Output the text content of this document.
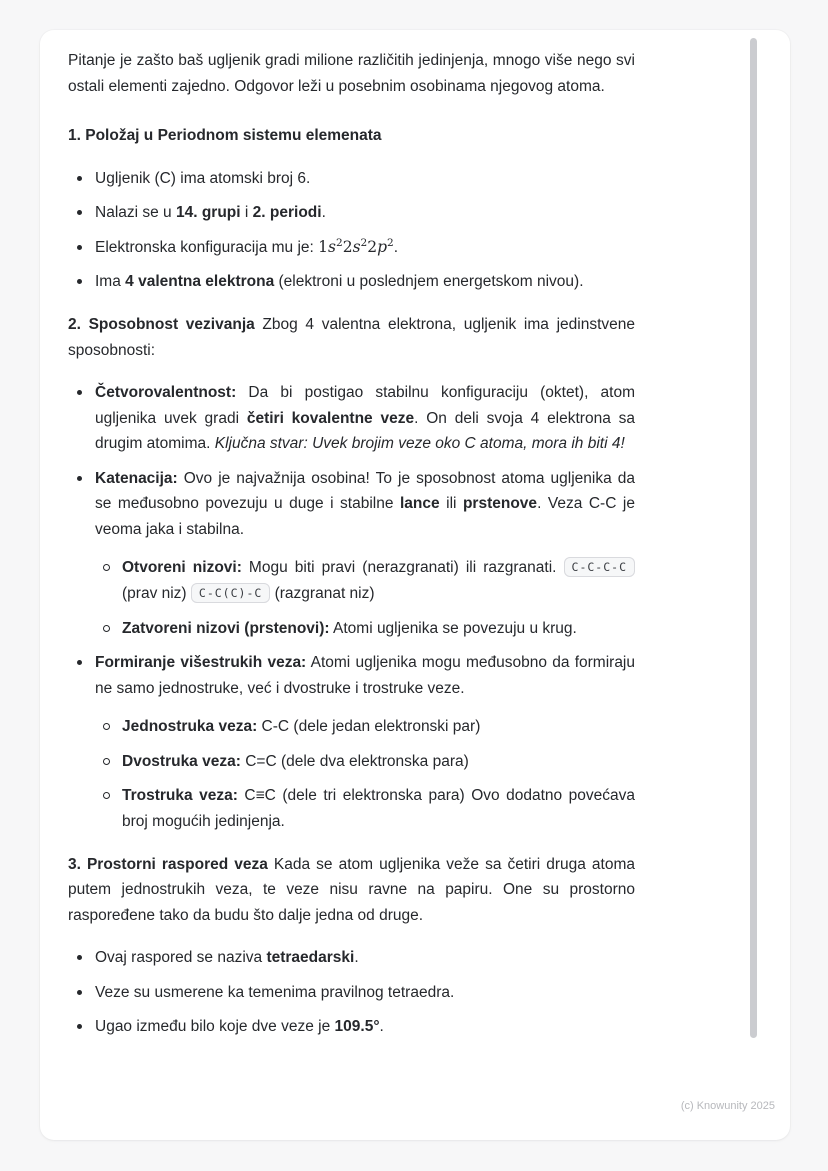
Pitanje je zašto baš ugljenik gradi milione različitih jedinjenja, mnogo više nego svi ostali elementi zajedno. Odgovor leži u posebnim osobinama njegovog atoma.

1. Položaj u Periodnom sistemu elemenata

Ugljenik (C) ima atomski broj 6.
Nalazi se u 14. grupi i 2. periodi.
Elektronska konfiguracija mu je: $1s^22s^22p^2$.
Ima 4 valentna elektrona (elektroni u poslednjem energetskom nivou).

2. Sposobnost vezivanja Zbog 4 valentna elektrona, ugljenik ima jedinstvene sposobnosti:

Četvorovalentnost: Da bi postigao stabilnu konfiguraciju (oktet), atom ugljenika uvek gradi četiri kovalentne veze. On deli svoja 4 elektrona sa drugim atomima. Ključna stvar: Uvek brojim veze oko C atoma, mora ih biti 4!
Katenacija: Ovo je najvažnija osobina! To je sposobnost atoma ugljenika da se međusobno povezuju u duge i stabilne lance ili prstenove. Veza C-C je veoma jaka i stabilna.
Otvoreni nizovi: Mogu biti pravi (nerazgranati) ili razgranati. C-C-C-C (prav niz) C-C(C)-C (razgranat niz)
Zatvoreni nizovi (prstenovi): Atomi ugljenika se povezuju u krug.
Formiranje višestrukih veza: Atomi ugljenika mogu međusobno da formiraju ne samo jednostruke, već i dvostruke i trostruke veze.
Jednostruka veza: C-C (dele jedan elektronski par)
Dvostruka veza: C=C (dele dva elektronska para)
Trostruka veza: C≡C (dele tri elektronska para) Ovo dodatno povećava broj mogućih jedinjenja.

3. Prostorni raspored veza Kada se atom ugljenika veže sa četiri druga atoma putem jednostrukih veza, te veze nisu ravne na papiru. One su prostorno raspoređene tako da budu što dalje jedna od druge.

Ovaj raspored se naziva tetraedarski.
Veze su usmerene ka temenima pravilnog tetraedra.
Ugao između bilo koje dve veze je 109.5°.
(c) Knowunity 2025
